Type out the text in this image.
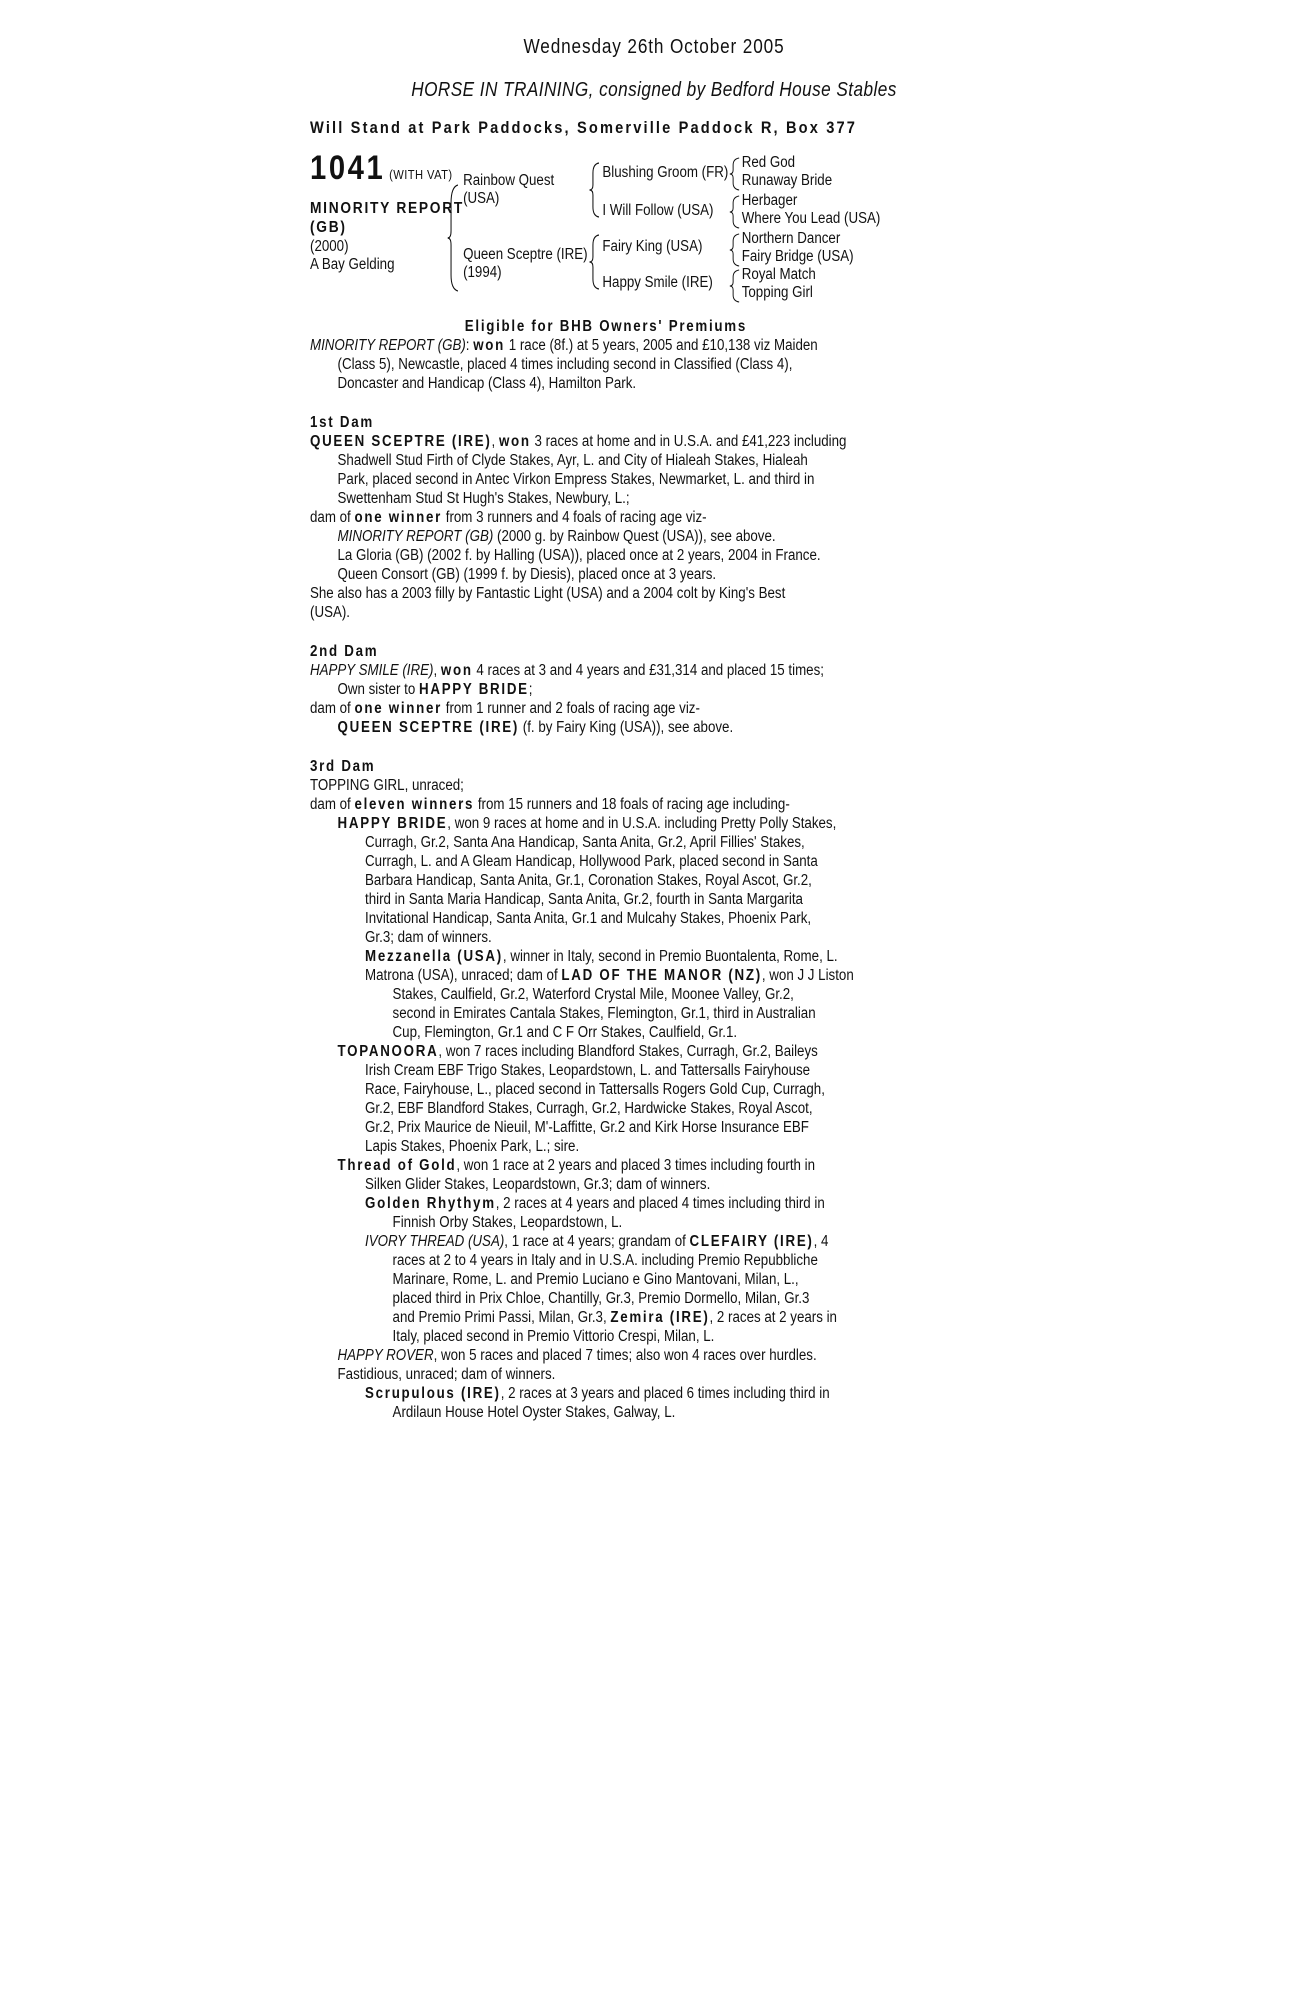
Wednesday 26th October 2005
HORSE IN TRAINING, consigned by Bedford House Stables
Will Stand at Park Paddocks, Somerville Paddock R, Box 377
1041 (WITH VAT)
MINORITY REPORT
(GB)
(2000)
A Bay Gelding
Rainbow Quest
(USA)
Queen Sceptre (IRE)
(1994)
Blushing Groom (FR)
I Will Follow (USA)
Fairy King (USA)
Happy Smile (IRE)
Red God
Runaway Bride
Herbager
Where You Lead (USA)
Northern Dancer
Fairy Bridge (USA)
Royal Match
Topping Girl
Eligible for BHB Owners' Premiums
MINORITY REPORT (GB): won 1 race (8f.) at 5 years, 2005 and £10,138 viz Maiden
(Class 5), Newcastle, placed 4 times including second in Classified (Class 4),
Doncaster and Handicap (Class 4), Hamilton Park.
1st Dam
QUEEN SCEPTRE (IRE), won 3 races at home and in U.S.A. and £41,223 including
Shadwell Stud Firth of Clyde Stakes, Ayr, L. and City of Hialeah Stakes, Hialeah
Park, placed second in Antec Virkon Empress Stakes, Newmarket, L. and third in
Swettenham Stud St Hugh's Stakes, Newbury, L.;
dam of one winner from 3 runners and 4 foals of racing age viz-
MINORITY REPORT (GB) (2000 g. by Rainbow Quest (USA)), see above.
La Gloria (GB) (2002 f. by Halling (USA)), placed once at 2 years, 2004 in France.
Queen Consort (GB) (1999 f. by Diesis), placed once at 3 years.
She also has a 2003 filly by Fantastic Light (USA) and a 2004 colt by King's Best
(USA).
2nd Dam
HAPPY SMILE (IRE), won 4 races at 3 and 4 years and £31,314 and placed 15 times;
Own sister to HAPPY BRIDE;
dam of one winner from 1 runner and 2 foals of racing age viz-
QUEEN SCEPTRE (IRE) (f. by Fairy King (USA)), see above.
3rd Dam
TOPPING GIRL, unraced;
dam of eleven winners from 15 runners and 18 foals of racing age including-
HAPPY BRIDE, won 9 races at home and in U.S.A. including Pretty Polly Stakes,
Curragh, Gr.2, Santa Ana Handicap, Santa Anita, Gr.2, April Fillies' Stakes,
Curragh, L. and A Gleam Handicap, Hollywood Park, placed second in Santa
Barbara Handicap, Santa Anita, Gr.1, Coronation Stakes, Royal Ascot, Gr.2,
third in Santa Maria Handicap, Santa Anita, Gr.2, fourth in Santa Margarita
Invitational Handicap, Santa Anita, Gr.1 and Mulcahy Stakes, Phoenix Park,
Gr.3; dam of winners.
Mezzanella (USA), winner in Italy, second in Premio Buontalenta, Rome, L.
Matrona (USA), unraced; dam of LAD OF THE MANOR (NZ), won J J Liston
Stakes, Caulfield, Gr.2, Waterford Crystal Mile, Moonee Valley, Gr.2,
second in Emirates Cantala Stakes, Flemington, Gr.1, third in Australian
Cup, Flemington, Gr.1 and C F Orr Stakes, Caulfield, Gr.1.
TOPANOORA, won 7 races including Blandford Stakes, Curragh, Gr.2, Baileys
Irish Cream EBF Trigo Stakes, Leopardstown, L. and Tattersalls Fairyhouse
Race, Fairyhouse, L., placed second in Tattersalls Rogers Gold Cup, Curragh,
Gr.2, EBF Blandford Stakes, Curragh, Gr.2, Hardwicke Stakes, Royal Ascot,
Gr.2, Prix Maurice de Nieuil, M'-Laffitte, Gr.2 and Kirk Horse Insurance EBF
Lapis Stakes, Phoenix Park, L.; sire.
Thread of Gold, won 1 race at 2 years and placed 3 times including fourth in
Silken Glider Stakes, Leopardstown, Gr.3; dam of winners.
Golden Rhythym, 2 races at 4 years and placed 4 times including third in
Finnish Orby Stakes, Leopardstown, L.
IVORY THREAD (USA), 1 race at 4 years; grandam of CLEFAIRY (IRE), 4
races at 2 to 4 years in Italy and in U.S.A. including Premio Repubbliche
Marinare, Rome, L. and Premio Luciano e Gino Mantovani, Milan, L.,
placed third in Prix Chloe, Chantilly, Gr.3, Premio Dormello, Milan, Gr.3
and Premio Primi Passi, Milan, Gr.3, Zemira (IRE), 2 races at 2 years in
Italy, placed second in Premio Vittorio Crespi, Milan, L.
HAPPY ROVER, won 5 races and placed 7 times; also won 4 races over hurdles.
Fastidious, unraced; dam of winners.
Scrupulous (IRE), 2 races at 3 years and placed 6 times including third in
Ardilaun House Hotel Oyster Stakes, Galway, L.
